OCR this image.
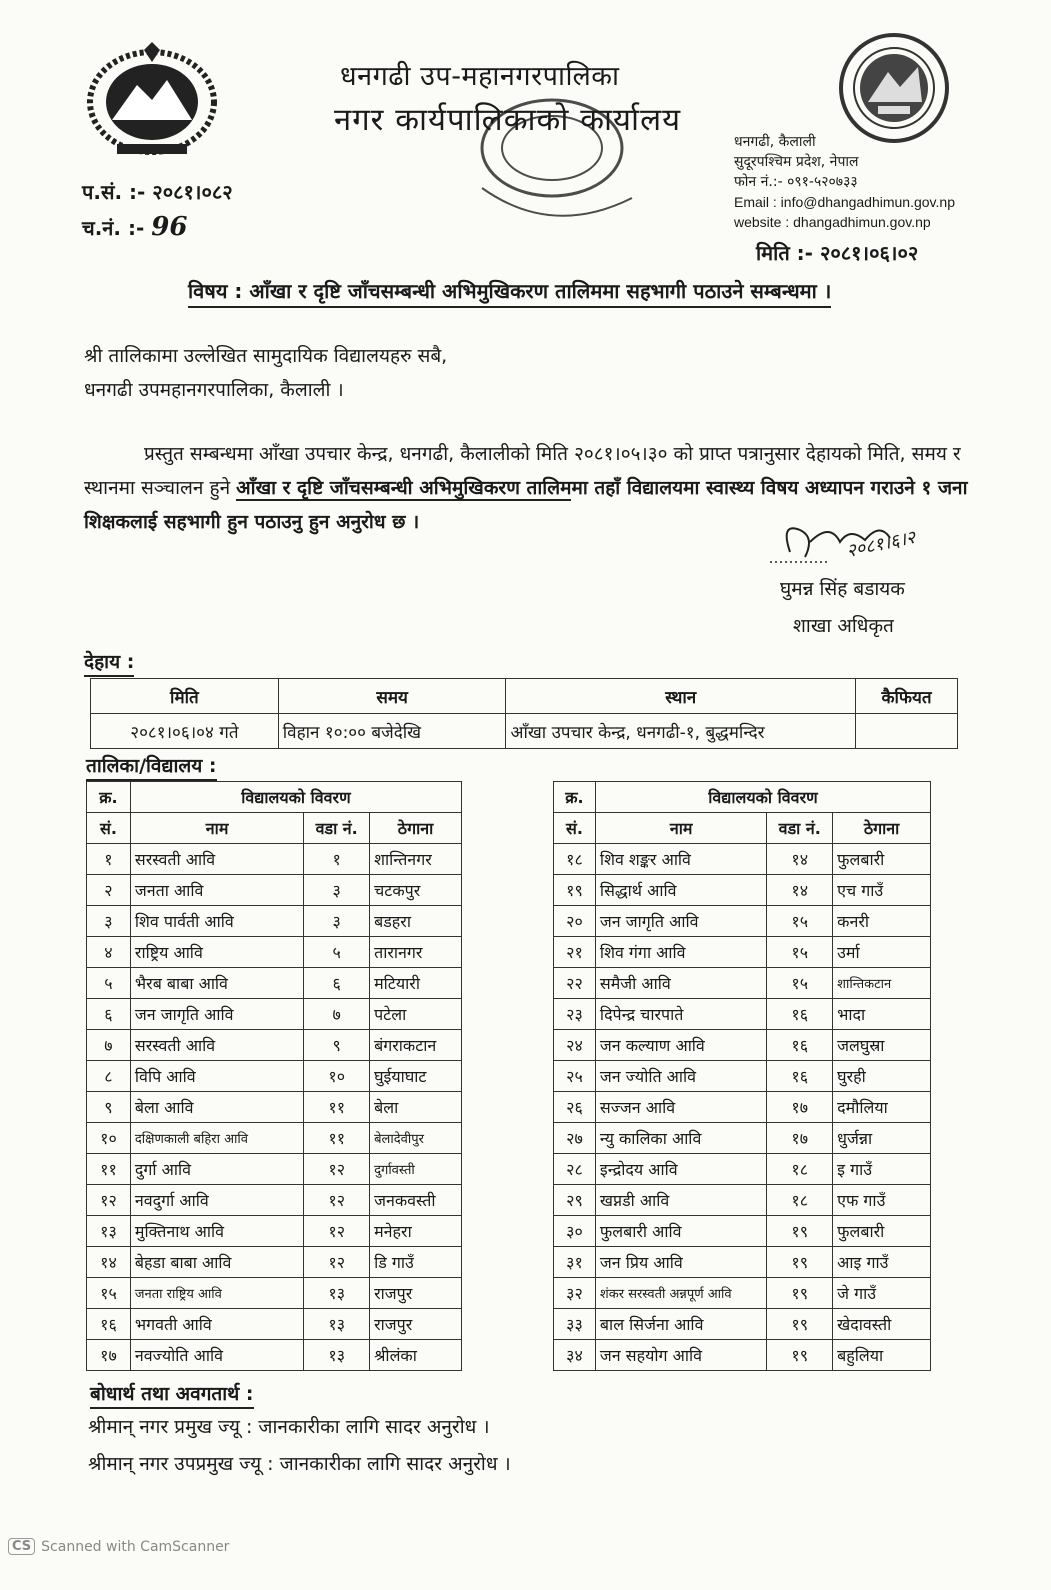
धनगढी उप-महानगरपालिका
नगर कार्यपालिकाको कार्यालय
प.सं. :- २०८१।०८२
च.नं. :- 96
धनगढी, कैलाली
सुदूरपश्चिम प्रदेश, नेपाल
फोन नं.:- ०९१-५२०७३३
Email : info@dhangadhimun.gov.np
website : dhangadhimun.gov.np
मिति :- २०८१।०६।०२
विषय : आँखा र दृष्टि जाँचसम्बन्धी अभिमुखिकरण तालिममा सहभागी पठाउने सम्बन्धमा ।
श्री तालिकामा उल्लेखित सामुदायिक विद्यालयहरु सबै,
धनगढी उपमहानगरपालिका, कैलाली ।
प्रस्तुत सम्बन्धमा आँखा उपचार केन्द्र, धनगढी, कैलालीको मिति २०८१।०५।३० को प्राप्त पत्रानुसार देहायको मिति, समय र स्थानमा सञ्चालन हुने आँखा र दृष्टि जाँचसम्बन्धी अभिमुखिकरण तालिममा तहाँ विद्यालयमा स्वास्थ्य विषय अध्यापन गराउने १ जना शिक्षकलाई सहभागी हुन पठाउनु हुन अनुरोध छ ।
२०८१।६।२
घुमन्न सिंह बडायक
शाखा अधिकृत
देहाय :
मिति	समय	स्थान	कैफियत
२०८१।०६।०४ गते	विहान १०:०० बजेदेखि	आँखा उपचार केन्द्र, धनगढी-१, बुद्धमन्दिर	
तालिका/विद्यालय :
क्र.	विद्यालयको विवरण		
सं.	नाम	वडा नं.	ठेगाना
१	सरस्वती आवि	१	शान्तिनगर
२	जनता आवि	३	चटकपुर
३	शिव पार्वती आवि	३	बडहरा
४	राष्ट्रिय आवि	५	तारानगर
५	भैरब बाबा आवि	६	मटियारी
६	जन जागृति आवि	७	पटेला
७	सरस्वती आवि	९	बंगराकटान
८	विपि आवि	१०	घुईयाघाट
९	बेला आवि	११	बेला
१०	दक्षिणकाली बहिरा आवि	११	बेलादेवीपुर
११	दुर्गा आवि	१२	दुर्गावस्ती
१२	नवदुर्गा आवि	१२	जनकवस्ती
१३	मुक्तिनाथ आवि	१२	मनेहरा
१४	बेहडा बाबा आवि	१२	डि गाउँ
१५	जनता राष्ट्रिय आवि	१३	राजपुर
१६	भगवती आवि	१३	राजपुर
१७	नवज्योति आवि	१३	श्रीलंका
क्र.	विद्यालयको विवरण		
सं.	नाम	वडा नं.	ठेगाना
१८	शिव शङ्कर आवि	१४	फुलबारी
१९	सिद्धार्थ आवि	१४	एच गाउँ
२०	जन जागृति आवि	१५	कनरी
२१	शिव गंगा आवि	१५	उर्मा
२२	समैजी आवि	१५	शान्तिकटान
२३	दिपेन्द्र चारपाते	१६	भादा
२४	जन कल्याण आवि	१६	जलघुस्रा
२५	जन ज्योति आवि	१६	घुरही
२६	सज्जन आवि	१७	दमौलिया
२७	न्यु कालिका आवि	१७	धुर्जन्ना
२८	इन्द्रोदय आवि	१८	इ गाउँ
२९	खप्नडी आवि	१८	एफ गाउँ
३०	फुलबारी आवि	१९	फुलबारी
३१	जन प्रिय आवि	१९	आइ गाउँ
३२	शंकर सरस्वती अन्नपूर्ण आवि	१९	जे गाउँ
३३	बाल सिर्जना आवि	१९	खेदावस्ती
३४	जन सहयोग आवि	१९	बहुलिया
बोधार्थ तथा अवगतार्थ :
श्रीमान् नगर प्रमुख ज्यू : जानकारीका लागि सादर अनुरोध ।
श्रीमान् नगर उपप्रमुख ज्यू : जानकारीका लागि सादर अनुरोध ।
CS Scanned with CamScanner
